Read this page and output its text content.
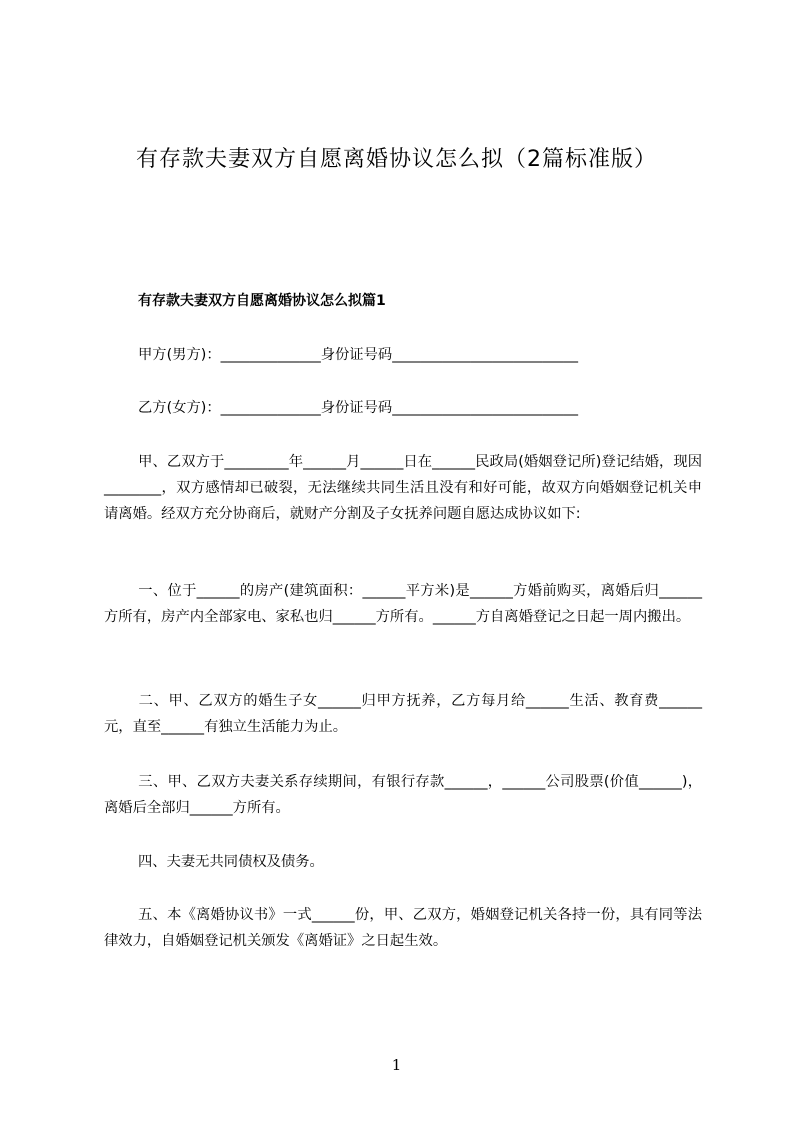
有存款夫妻双方自愿离婚协议怎么拟（2篇标准版）
有存款夫妻双方自愿离婚协议怎么拟篇1
甲方(男方)：______________身份证号码__________________________
乙方(女方)：______________身份证号码__________________________
甲、乙双方于_________年______月______日在______民政局(婚姻登记所)登记结婚，现因________，双方感情却已破裂，无法继续共同生活且没有和好可能，故双方向婚姻登记机关申请离婚。经双方充分协商后，就财产分割及子女抚养问题自愿达成协议如下:
一、位于______的房产(建筑面积：______平方米)是______方婚前购买，离婚后归______方所有，房产内全部家电、家私也归______方所有。______方自离婚登记之日起一周内搬出。
二、甲、乙双方的婚生子女______归甲方抚养，乙方每月给______生活、教育费______元，直至______有独立生活能力为止。
三、甲、乙双方夫妻关系存续期间，有银行存款______，______公司股票(价值______)，离婚后全部归______方所有。
四、夫妻无共同债权及债务。
五、本《离婚协议书》一式______份，甲、乙双方，婚姻登记机关各持一份，具有同等法律效力，自婚姻登记机关颁发《离婚证》之日起生效。
1
